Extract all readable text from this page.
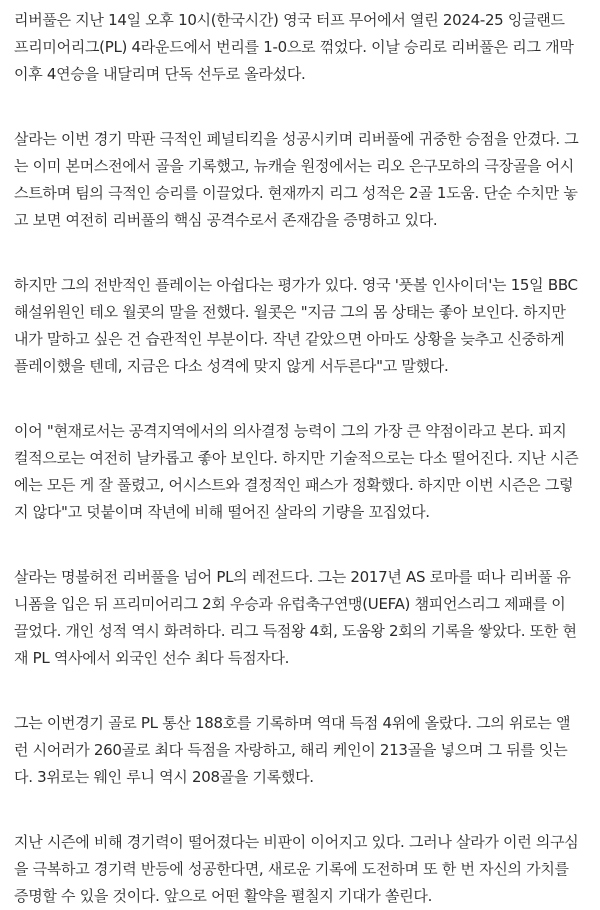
리버풀은 지난 14일 오후 10시(한국시간) 영국 터프 무어에서 열린 2024-25 잉글랜드
프리미어리그(PL) 4라운드에서 번리를 1-0으로 꺾었다. 이날 승리로 리버풀은 리그 개막
이후 4연승을 내달리며 단독 선두로 올라섰다.

살라는 이번 경기 막판 극적인 페널티킥을 성공시키며 리버풀에 귀중한 승점을 안겼다. 그
는 이미 본머스전에서 골을 기록했고, 뉴캐슬 원정에서는 리오 은구모하의 극장골을 어시
스트하며 팀의 극적인 승리를 이끌었다. 현재까지 리그 성적은 2골 1도움. 단순 수치만 놓
고 보면 여전히 리버풀의 핵심 공격수로서 존재감을 증명하고 있다.

하지만 그의 전반적인 플레이는 아쉽다는 평가가 있다. 영국 '풋볼 인사이더'는 15일 BBC
해설위원인 테오 월콧의 말을 전했다. 월콧은 "지금 그의 몸 상태는 좋아 보인다. 하지만
내가 말하고 싶은 건 습관적인 부분이다. 작년 같았으면 아마도 상황을 늦추고 신중하게
플레이했을 텐데, 지금은 다소 성격에 맞지 않게 서두른다"고 말했다.

이어 "현재로서는 공격지역에서의 의사결정 능력이 그의 가장 큰 약점이라고 본다. 피지
컬적으로는 여전히 날카롭고 좋아 보인다. 하지만 기술적으로는 다소 떨어진다. 지난 시즌
에는 모든 게 잘 풀렸고, 어시스트와 결정적인 패스가 정확했다. 하지만 이번 시즌은 그렇
지 않다"고 덧붙이며 작년에 비해 떨어진 살라의 기량을 꼬집었다.

살라는 명불허전 리버풀을 넘어 PL의 레전드다. 그는 2017년 AS 로마를 떠나 리버풀 유
니폼을 입은 뒤 프리미어리그 2회 우승과 유럽축구연맹(UEFA) 챔피언스리그 제패를 이
끌었다. 개인 성적 역시 화려하다. 리그 득점왕 4회, 도움왕 2회의 기록을 쌓았다. 또한 현
재 PL 역사에서 외국인 선수 최다 득점자다.

그는 이번경기 골로 PL 통산 188호를 기록하며 역대 득점 4위에 올랐다. 그의 위로는 앨
런 시어러가 260골로 최다 득점을 자랑하고, 해리 케인이 213골을 넣으며 그 뒤를 잇는
다. 3위로는 웨인 루니 역시 208골을 기록했다.

지난 시즌에 비해 경기력이 떨어졌다는 비판이 이어지고 있다. 그러나 살라가 이런 의구심
을 극복하고 경기력 반등에 성공한다면, 새로운 기록에 도전하며 또 한 번 자신의 가치를
증명할 수 있을 것이다. 앞으로 어떤 활약을 펼칠지 기대가 쏠린다.
